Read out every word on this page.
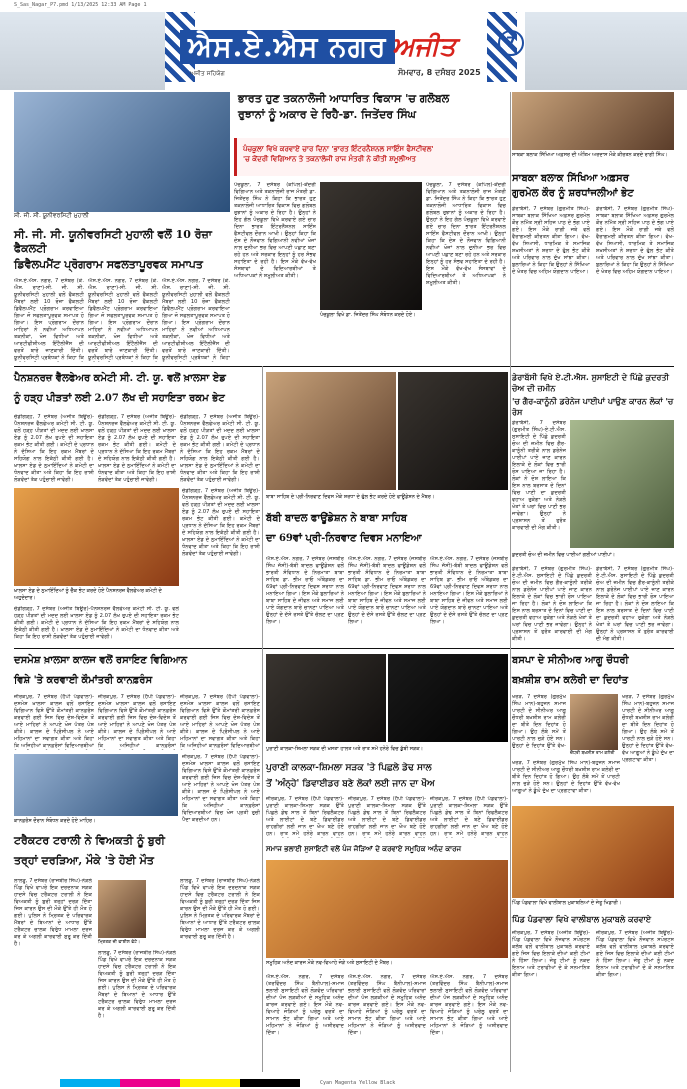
S_Sas_Nagar_P7.pmd 1/13/2025 12:33 AM Page 1
ਐਸ.ਏ.ਐਸ ਨਗਰ ਅਜੀਤ
ਅਜੀਤ ਸਹਿਯੋਗ	ਸੋਮਵਾਰ, 8 ਦਸੰਬਰ 2025
7
ਸੀ. ਜੀ. ਸੀ. ਯੂਨੀਵਰਸਿਟੀ ਮੁਹਾਲੀ
ਭਾਰਤ ਹੁਣ ਤਕਨਾਲੋਜੀ ਆਧਾਰਿਤ ਵਿਕਾਸ 'ਚ ਗਲੋਬਲ
ਰੁਝਾਨਾਂ ਨੂੰ ਅਕਾਰ ਦੇ ਰਿਹੈ-ਡਾ. ਜਿਤੇਂਦਰ ਸਿੰਘ
ਪੰਚਕੂਲਾ ਵਿਖੇ ਕਰਵਾਏ ਚਾਰ ਦਿਨਾ 'ਭਾਰਤ ਇੰਟਰਨੈਸ਼ਨਲ ਸਾਇੰਸ ਫੈਸਟੀਵਲ'
'ਚ ਕੇਂਦਰੀ ਵਿਗਿਆਨ ਤੇ ਤਕਨਾਲੋਜੀ ਰਾਜ ਮੰਤਰੀ ਨੇ ਕੀਤੀ ਸ਼ਮੂਲੀਅਤ
ਪੰਚਕੂਲਾ, 7 ਦਸੰਬਰ (ਕਪਿਲ)-ਕੇਂਦਰੀ ਵਿਗਿਆਨ ਅਤੇ ਤਕਨਾਲੋਜੀ ਰਾਜ ਮੰਤਰੀ ਡਾ. ਜਿਤੇਂਦਰ ਸਿੰਘ ਨੇ ਕਿਹਾ ਕਿ ਭਾਰਤ ਹੁਣ ਤਕਨਾਲੋਜੀ ਆਧਾਰਿਤ ਵਿਕਾਸ ਵਿਚ ਗਲੋਬਲ ਰੁਝਾਨਾਂ ਨੂੰ ਅਕਾਰ ਦੇ ਰਿਹਾ ਹੈ। ਉਨ੍ਹਾਂ ਨੇ ਇਹ ਗੱਲ ਪੰਚਕੂਲਾ ਵਿਖੇ ਕਰਵਾਏ ਗਏ ਚਾਰ ਦਿਨਾ ਭਾਰਤ ਇੰਟਰਨੈਸ਼ਨਲ ਸਾਇੰਸ ਫੈਸਟੀਵਲ ਦੌਰਾਨ ਆਖੀ। ਉਨ੍ਹਾਂ ਕਿਹਾ ਕਿ ਦੇਸ਼ ਦੇ ਨੌਜਵਾਨ ਵਿਗਿਆਨੀ ਨਵੀਆਂ ਖੋਜਾਂ ਨਾਲ ਦੁਨੀਆ ਭਰ ਵਿਚ ਆਪਣੀ ਪਛਾਣ ਬਣਾ ਰਹੇ ਹਨ ਅਤੇ ਸਰਕਾਰ ਇਨ੍ਹਾਂ ਨੂੰ ਹਰ ਸੰਭਵ ਸਹਾਇਤਾ ਦੇ ਰਹੀ ਹੈ। ਇਸ ਮੌਕੇ ਵੱਖ-ਵੱਖ ਸੰਸਥਾਵਾਂ ਦੇ ਵਿਦਿਆਰਥੀਆਂ ਤੇ ਅਧਿਆਪਕਾਂ ਨੇ ਸ਼ਮੂਲੀਅਤ ਕੀਤੀ।
ਪੰਚਕੂਲਾ ਵਿਖੇ ਡਾ. ਜਿਤੇਂਦਰ ਸਿੰਘ ਸੰਬੋਧਨ ਕਰਦੇ ਹੋਏ।
ਪੰਚਕੂਲਾ, 7 ਦਸੰਬਰ (ਕਪਿਲ)-ਕੇਂਦਰੀ ਵਿਗਿਆਨ ਅਤੇ ਤਕਨਾਲੋਜੀ ਰਾਜ ਮੰਤਰੀ ਡਾ. ਜਿਤੇਂਦਰ ਸਿੰਘ ਨੇ ਕਿਹਾ ਕਿ ਭਾਰਤ ਹੁਣ ਤਕਨਾਲੋਜੀ ਆਧਾਰਿਤ ਵਿਕਾਸ ਵਿਚ ਗਲੋਬਲ ਰੁਝਾਨਾਂ ਨੂੰ ਅਕਾਰ ਦੇ ਰਿਹਾ ਹੈ। ਉਨ੍ਹਾਂ ਨੇ ਇਹ ਗੱਲ ਪੰਚਕੂਲਾ ਵਿਖੇ ਕਰਵਾਏ ਗਏ ਚਾਰ ਦਿਨਾ ਭਾਰਤ ਇੰਟਰਨੈਸ਼ਨਲ ਸਾਇੰਸ ਫੈਸਟੀਵਲ ਦੌਰਾਨ ਆਖੀ। ਉਨ੍ਹਾਂ ਕਿਹਾ ਕਿ ਦੇਸ਼ ਦੇ ਨੌਜਵਾਨ ਵਿਗਿਆਨੀ ਨਵੀਆਂ ਖੋਜਾਂ ਨਾਲ ਦੁਨੀਆ ਭਰ ਵਿਚ ਆਪਣੀ ਪਛਾਣ ਬਣਾ ਰਹੇ ਹਨ ਅਤੇ ਸਰਕਾਰ ਇਨ੍ਹਾਂ ਨੂੰ ਹਰ ਸੰਭਵ ਸਹਾਇਤਾ ਦੇ ਰਹੀ ਹੈ। ਇਸ ਮੌਕੇ ਵੱਖ-ਵੱਖ ਸੰਸਥਾਵਾਂ ਦੇ ਵਿਦਿਆਰਥੀਆਂ ਤੇ ਅਧਿਆਪਕਾਂ ਨੇ ਸ਼ਮੂਲੀਅਤ ਕੀਤੀ।
ਸਾਬਕਾ ਬਲਾਕ ਸਿੱਖਿਆ ਅਫ਼ਸਰ ਦੀ ਅੰਤਿਮ ਅਰਦਾਸ ਮੌਕੇ ਕੀਰਤਨ ਕਰਦੇ ਰਾਗੀ ਸਿੰਘ।
ਸਾਬਕਾ ਬਲਾਕ ਸਿੱਖਿਆ ਅਫ਼ਸਰ
ਗੁਰਮੇਲ ਕੌਰ ਨੂੰ ਸ਼ਰਧਾਂਜਲੀਆਂ ਭੇਟ
ਡੇਰਾਬੱਸੀ, 7 ਦਸੰਬਰ (ਗੁਰਮੀਤ ਸਿੰਘ)-ਸਾਬਕਾ ਬਲਾਕ ਸਿੱਖਿਆ ਅਫ਼ਸਰ ਗੁਰਮੇਲ ਕੌਰ ਨਮਿੱਤ ਸ੍ਰੀ ਸਹਿਜ ਪਾਠ ਦੇ ਭੋਗ ਪਾਏ ਗਏ। ਇਸ ਮੌਕੇ ਰਾਗੀ ਜਥੇ ਵਲੋਂ ਵੈਰਾਗਮਈ ਕੀਰਤਨ ਕੀਤਾ ਗਿਆ। ਵੱਖ-ਵੱਖ ਸਿਆਸੀ, ਧਾਰਮਿਕ ਤੇ ਸਮਾਜਿਕ ਸ਼ਖ਼ਸੀਅਤਾਂ ਨੇ ਸ਼ਰਧਾ ਦੇ ਫੁੱਲ ਭੇਟ ਕੀਤੇ ਅਤੇ ਪਰਿਵਾਰ ਨਾਲ ਦੁੱਖ ਸਾਂਝਾ ਕੀਤਾ। ਬੁਲਾਰਿਆਂ ਨੇ ਕਿਹਾ ਕਿ ਉਨ੍ਹਾਂ ਨੇ ਸਿੱਖਿਆ ਦੇ ਖੇਤਰ ਵਿਚ ਅਹਿਮ ਯੋਗਦਾਨ ਪਾਇਆ।
ਡੇਰਾਬੱਸੀ, 7 ਦਸੰਬਰ (ਗੁਰਮੀਤ ਸਿੰਘ)-ਸਾਬਕਾ ਬਲਾਕ ਸਿੱਖਿਆ ਅਫ਼ਸਰ ਗੁਰਮੇਲ ਕੌਰ ਨਮਿੱਤ ਸ੍ਰੀ ਸਹਿਜ ਪਾਠ ਦੇ ਭੋਗ ਪਾਏ ਗਏ। ਇਸ ਮੌਕੇ ਰਾਗੀ ਜਥੇ ਵਲੋਂ ਵੈਰਾਗਮਈ ਕੀਰਤਨ ਕੀਤਾ ਗਿਆ। ਵੱਖ-ਵੱਖ ਸਿਆਸੀ, ਧਾਰਮਿਕ ਤੇ ਸਮਾਜਿਕ ਸ਼ਖ਼ਸੀਅਤਾਂ ਨੇ ਸ਼ਰਧਾ ਦੇ ਫੁੱਲ ਭੇਟ ਕੀਤੇ ਅਤੇ ਪਰਿਵਾਰ ਨਾਲ ਦੁੱਖ ਸਾਂਝਾ ਕੀਤਾ। ਬੁਲਾਰਿਆਂ ਨੇ ਕਿਹਾ ਕਿ ਉਨ੍ਹਾਂ ਨੇ ਸਿੱਖਿਆ ਦੇ ਖੇਤਰ ਵਿਚ ਅਹਿਮ ਯੋਗਦਾਨ ਪਾਇਆ।
ਸੀ. ਜੀ. ਸੀ. ਯੂਨੀਵਰਸਿਟੀ ਮੁਹਾਲੀ ਵਲੋਂ 10 ਰੋਜ਼ਾ ਫੈਕਲਟੀ
ਡਿਵੈਲਪਮੈਂਟ ਪ੍ਰੋਗਰਾਮ ਸਫਲਤਾਪੂਰਵਕ ਸਮਾਪਤ
ਐਸ.ਏ.ਐਸ. ਨਗਰ, 7 ਦਸੰਬਰ (ਕੇ. ਐਸ. ਰਾਣਾ)-ਸੀ. ਜੀ. ਸੀ. ਯੂਨੀਵਰਸਿਟੀ ਮੁਹਾਲੀ ਵਲੋਂ ਫੈਕਲਟੀ ਮੈਂਬਰਾਂ ਲਈ 10 ਰੋਜ਼ਾ ਫੈਕਲਟੀ ਡਿਵੈਲਪਮੈਂਟ ਪ੍ਰੋਗਰਾਮ ਕਰਵਾਇਆ ਗਿਆ ਜੋ ਸਫਲਤਾਪੂਰਵਕ ਸਮਾਪਤ ਹੋ ਗਿਆ। ਇਸ ਪ੍ਰੋਗਰਾਮ ਦੌਰਾਨ ਮਾਹਿਰਾਂ ਨੇ ਨਵੀਆਂ ਅਧਿਆਪਨ ਤਕਨੀਕਾਂ, ਖੋਜ ਵਿਧੀਆਂ ਅਤੇ ਆਰਟੀਫੀਸ਼ੀਅਲ ਇੰਟੈਲੀਜੈਂਸ ਦੀ ਵਰਤੋਂ ਬਾਰੇ ਜਾਣਕਾਰੀ ਦਿੱਤੀ। ਯੂਨੀਵਰਸਿਟੀ ਪ੍ਰਬੰਧਕਾਂ ਨੇ ਕਿਹਾ ਕਿ
ਐਸ.ਏ.ਐਸ. ਨਗਰ, 7 ਦਸੰਬਰ (ਕੇ. ਐਸ. ਰਾਣਾ)-ਸੀ. ਜੀ. ਸੀ. ਯੂਨੀਵਰਸਿਟੀ ਮੁਹਾਲੀ ਵਲੋਂ ਫੈਕਲਟੀ ਮੈਂਬਰਾਂ ਲਈ 10 ਰੋਜ਼ਾ ਫੈਕਲਟੀ ਡਿਵੈਲਪਮੈਂਟ ਪ੍ਰੋਗਰਾਮ ਕਰਵਾਇਆ ਗਿਆ ਜੋ ਸਫਲਤਾਪੂਰਵਕ ਸਮਾਪਤ ਹੋ ਗਿਆ। ਇਸ ਪ੍ਰੋਗਰਾਮ ਦੌਰਾਨ ਮਾਹਿਰਾਂ ਨੇ ਨਵੀਆਂ ਅਧਿਆਪਨ ਤਕਨੀਕਾਂ, ਖੋਜ ਵਿਧੀਆਂ ਅਤੇ ਆਰਟੀਫੀਸ਼ੀਅਲ ਇੰਟੈਲੀਜੈਂਸ ਦੀ ਵਰਤੋਂ ਬਾਰੇ ਜਾਣਕਾਰੀ ਦਿੱਤੀ। ਯੂਨੀਵਰਸਿਟੀ ਪ੍ਰਬੰਧਕਾਂ ਨੇ ਕਿਹਾ ਕਿ
ਐਸ.ਏ.ਐਸ. ਨਗਰ, 7 ਦਸੰਬਰ (ਕੇ. ਐਸ. ਰਾਣਾ)-ਸੀ. ਜੀ. ਸੀ. ਯੂਨੀਵਰਸਿਟੀ ਮੁਹਾਲੀ ਵਲੋਂ ਫੈਕਲਟੀ ਮੈਂਬਰਾਂ ਲਈ 10 ਰੋਜ਼ਾ ਫੈਕਲਟੀ ਡਿਵੈਲਪਮੈਂਟ ਪ੍ਰੋਗਰਾਮ ਕਰਵਾਇਆ ਗਿਆ ਜੋ ਸਫਲਤਾਪੂਰਵਕ ਸਮਾਪਤ ਹੋ ਗਿਆ। ਇਸ ਪ੍ਰੋਗਰਾਮ ਦੌਰਾਨ ਮਾਹਿਰਾਂ ਨੇ ਨਵੀਆਂ ਅਧਿਆਪਨ ਤਕਨੀਕਾਂ, ਖੋਜ ਵਿਧੀਆਂ ਅਤੇ ਆਰਟੀਫੀਸ਼ੀਅਲ ਇੰਟੈਲੀਜੈਂਸ ਦੀ ਵਰਤੋਂ ਬਾਰੇ ਜਾਣਕਾਰੀ ਦਿੱਤੀ। ਯੂਨੀਵਰਸਿਟੀ ਪ੍ਰਬੰਧਕਾਂ ਨੇ ਕਿਹਾ
ਪੈਨਸ਼ਨਰਜ਼ ਵੈੱਲਫੇਅਰ ਕਮੇਟੀ ਸੀ. ਟੀ. ਯੂ. ਵਲੋਂ ਖ਼ਾਲਸਾ ਏਡ
ਨੂੰ ਹੜ੍ਹ ਪੀੜਤਾਂ ਲਈ 2.07 ਲੱਖ ਦੀ ਸਹਾਇਤਾ ਰਕਮ ਭੇਟ
ਚੰਡੀਗੜ੍ਹ, 7 ਦਸੰਬਰ (ਅਜੀਤ ਬਿਊਰੋ)-ਪੈਨਸ਼ਨਰਜ਼ ਵੈੱਲਫੇਅਰ ਕਮੇਟੀ ਸੀ. ਟੀ. ਯੂ. ਵਲੋਂ ਹੜ੍ਹ ਪੀੜਤਾਂ ਦੀ ਮਦਦ ਲਈ ਖ਼ਾਲਸਾ ਏਡ ਨੂੰ 2.07 ਲੱਖ ਰੁਪਏ ਦੀ ਸਹਾਇਤਾ ਰਕਮ ਭੇਟ ਕੀਤੀ ਗਈ। ਕਮੇਟੀ ਦੇ ਪ੍ਰਧਾਨ ਨੇ ਦੱਸਿਆ ਕਿ ਇਹ ਰਕਮ ਮੈਂਬਰਾਂ ਦੇ ਸਹਿਯੋਗ ਨਾਲ ਇਕੱਠੀ ਕੀਤੀ ਗਈ ਹੈ। ਖ਼ਾਲਸਾ ਏਡ ਦੇ ਨੁਮਾਇੰਦਿਆਂ ਨੇ ਕਮੇਟੀ ਦਾ ਧੰਨਵਾਦ ਕੀਤਾ ਅਤੇ ਕਿਹਾ ਕਿ ਇਹ ਰਾਸ਼ੀ ਲੋੜਵੰਦਾਂ ਤੱਕ ਪਹੁੰਚਾਈ ਜਾਵੇਗੀ।
ਚੰਡੀਗੜ੍ਹ, 7 ਦਸੰਬਰ (ਅਜੀਤ ਬਿਊਰੋ)-ਪੈਨਸ਼ਨਰਜ਼ ਵੈੱਲਫੇਅਰ ਕਮੇਟੀ ਸੀ. ਟੀ. ਯੂ. ਵਲੋਂ ਹੜ੍ਹ ਪੀੜਤਾਂ ਦੀ ਮਦਦ ਲਈ ਖ਼ਾਲਸਾ ਏਡ ਨੂੰ 2.07 ਲੱਖ ਰੁਪਏ ਦੀ ਸਹਾਇਤਾ ਰਕਮ ਭੇਟ ਕੀਤੀ ਗਈ। ਕਮੇਟੀ ਦੇ ਪ੍ਰਧਾਨ ਨੇ ਦੱਸਿਆ ਕਿ ਇਹ ਰਕਮ ਮੈਂਬਰਾਂ ਦੇ ਸਹਿਯੋਗ ਨਾਲ ਇਕੱਠੀ ਕੀਤੀ ਗਈ ਹੈ। ਖ਼ਾਲਸਾ ਏਡ ਦੇ ਨੁਮਾਇੰਦਿਆਂ ਨੇ ਕਮੇਟੀ ਦਾ ਧੰਨਵਾਦ ਕੀਤਾ ਅਤੇ ਕਿਹਾ ਕਿ ਇਹ ਰਾਸ਼ੀ ਲੋੜਵੰਦਾਂ ਤੱਕ ਪਹੁੰਚਾਈ ਜਾਵੇਗੀ।
ਚੰਡੀਗੜ੍ਹ, 7 ਦਸੰਬਰ (ਅਜੀਤ ਬਿਊਰੋ)-ਪੈਨਸ਼ਨਰਜ਼ ਵੈੱਲਫੇਅਰ ਕਮੇਟੀ ਸੀ. ਟੀ. ਯੂ. ਵਲੋਂ ਹੜ੍ਹ ਪੀੜਤਾਂ ਦੀ ਮਦਦ ਲਈ ਖ਼ਾਲਸਾ ਏਡ ਨੂੰ 2.07 ਲੱਖ ਰੁਪਏ ਦੀ ਸਹਾਇਤਾ ਰਕਮ ਭੇਟ ਕੀਤੀ ਗਈ। ਕਮੇਟੀ ਦੇ ਪ੍ਰਧਾਨ ਨੇ ਦੱਸਿਆ ਕਿ ਇਹ ਰਕਮ ਮੈਂਬਰਾਂ ਦੇ ਸਹਿਯੋਗ ਨਾਲ ਇਕੱਠੀ ਕੀਤੀ ਗਈ ਹੈ। ਖ਼ਾਲਸਾ ਏਡ ਦੇ ਨੁਮਾਇੰਦਿਆਂ ਨੇ ਕਮੇਟੀ ਦਾ ਧੰਨਵਾਦ ਕੀਤਾ ਅਤੇ ਕਿਹਾ ਕਿ ਇਹ ਰਾਸ਼ੀ ਲੋੜਵੰਦਾਂ ਤੱਕ ਪਹੁੰਚਾਈ ਜਾਵੇਗੀ।
ਖ਼ਾਲਸਾ ਏਡ ਦੇ ਨੁਮਾਇੰਦਿਆਂ ਨੂੰ ਚੈੱਕ ਭੇਟ ਕਰਦੇ ਹੋਏ ਪੈਨਸ਼ਨਰਜ਼ ਵੈੱਲਫੇਅਰ ਕਮੇਟੀ ਦੇ ਅਹੁਦੇਦਾਰ।
ਚੰਡੀਗੜ੍ਹ, 7 ਦਸੰਬਰ (ਅਜੀਤ ਬਿਊਰੋ)-ਪੈਨਸ਼ਨਰਜ਼ ਵੈੱਲਫੇਅਰ ਕਮੇਟੀ ਸੀ. ਟੀ. ਯੂ. ਵਲੋਂ ਹੜ੍ਹ ਪੀੜਤਾਂ ਦੀ ਮਦਦ ਲਈ ਖ਼ਾਲਸਾ ਏਡ ਨੂੰ 2.07 ਲੱਖ ਰੁਪਏ ਦੀ ਸਹਾਇਤਾ ਰਕਮ ਭੇਟ ਕੀਤੀ ਗਈ। ਕਮੇਟੀ ਦੇ ਪ੍ਰਧਾਨ ਨੇ ਦੱਸਿਆ ਕਿ ਇਹ ਰਕਮ ਮੈਂਬਰਾਂ ਦੇ ਸਹਿਯੋਗ ਨਾਲ ਇਕੱਠੀ ਕੀਤੀ ਗਈ ਹੈ। ਖ਼ਾਲਸਾ ਏਡ ਦੇ ਨੁਮਾਇੰਦਿਆਂ ਨੇ ਕਮੇਟੀ ਦਾ ਧੰਨਵਾਦ ਕੀਤਾ ਅਤੇ ਕਿਹਾ ਕਿ ਇਹ ਰਾਸ਼ੀ ਲੋੜਵੰਦਾਂ ਤੱਕ ਪਹੁੰਚਾਈ ਜਾਵੇਗੀ।
ਚੰਡੀਗੜ੍ਹ, 7 ਦਸੰਬਰ (ਅਜੀਤ ਬਿਊਰੋ)-ਪੈਨਸ਼ਨਰਜ਼ ਵੈੱਲਫੇਅਰ ਕਮੇਟੀ ਸੀ. ਟੀ. ਯੂ. ਵਲੋਂ ਹੜ੍ਹ ਪੀੜਤਾਂ ਦੀ ਮਦਦ ਲਈ ਖ਼ਾਲਸਾ ਏਡ ਨੂੰ 2.07 ਲੱਖ ਰੁਪਏ ਦੀ ਸਹਾਇਤਾ ਰਕਮ ਭੇਟ ਕੀਤੀ ਗਈ। ਕਮੇਟੀ ਦੇ ਪ੍ਰਧਾਨ ਨੇ ਦੱਸਿਆ ਕਿ ਇਹ ਰਕਮ ਮੈਂਬਰਾਂ ਦੇ ਸਹਿਯੋਗ ਨਾਲ ਇਕੱਠੀ ਕੀਤੀ ਗਈ ਹੈ। ਖ਼ਾਲਸਾ ਏਡ ਦੇ ਨੁਮਾਇੰਦਿਆਂ ਨੇ ਕਮੇਟੀ ਦਾ ਧੰਨਵਾਦ ਕੀਤਾ ਅਤੇ ਕਿਹਾ ਕਿ ਇਹ ਰਾਸ਼ੀ ਲੋੜਵੰਦਾਂ ਤੱਕ ਪਹੁੰਚਾਈ ਜਾਵੇਗੀ।
ਬਾਬਾ ਸਾਹਿਬ ਦੇ ਪ੍ਰੀ-ਨਿਰਵਾਣ ਦਿਵਸ ਮੌਕੇ ਸ਼ਰਧਾ ਦੇ ਫੁੱਲ ਭੇਟ ਕਰਦੇ ਹੋਏ ਫਾਊਂਡੇਸ਼ਨ ਦੇ ਮੈਂਬਰ।
ਬੱਬੀ ਬਾਦਲ ਫਾਊਂਡੇਸ਼ਨ ਨੇ ਬਾਬਾ ਸਾਹਿਬ
ਦਾ 69ਵਾਂ ਪ੍ਰੀ-ਨਿਰਵਾਣ ਦਿਵਸ ਮਨਾਇਆ
ਐਸ.ਏ.ਐਸ. ਨਗਰ, 7 ਦਸੰਬਰ (ਜਸਬੀਰ ਸਿੰਘ ਜੱਸੀ)-ਬੱਬੀ ਬਾਦਲ ਫਾਊਂਡੇਸ਼ਨ ਵਲੋਂ ਭਾਰਤੀ ਸੰਵਿਧਾਨ ਦੇ ਨਿਰਮਾਤਾ ਬਾਬਾ ਸਾਹਿਬ ਡਾ. ਭੀਮ ਰਾਓ ਅੰਬੇਡਕਰ ਦਾ 69ਵਾਂ ਪ੍ਰੀ-ਨਿਰਵਾਣ ਦਿਵਸ ਸ਼ਰਧਾ ਨਾਲ ਮਨਾਇਆ ਗਿਆ। ਇਸ ਮੌਕੇ ਬੁਲਾਰਿਆਂ ਨੇ ਬਾਬਾ ਸਾਹਿਬ ਦੇ ਜੀਵਨ ਅਤੇ ਸਮਾਜ ਲਈ ਪਾਏ ਯੋਗਦਾਨ ਬਾਰੇ ਚਾਨਣਾ ਪਾਇਆ ਅਤੇ ਉਨ੍ਹਾਂ ਦੇ ਦੱਸੇ ਰਸਤੇ ਉੱਤੇ ਚੱਲਣ ਦਾ ਪ੍ਰਣ ਲਿਆ।
ਐਸ.ਏ.ਐਸ. ਨਗਰ, 7 ਦਸੰਬਰ (ਜਸਬੀਰ ਸਿੰਘ ਜੱਸੀ)-ਬੱਬੀ ਬਾਦਲ ਫਾਊਂਡੇਸ਼ਨ ਵਲੋਂ ਭਾਰਤੀ ਸੰਵਿਧਾਨ ਦੇ ਨਿਰਮਾਤਾ ਬਾਬਾ ਸਾਹਿਬ ਡਾ. ਭੀਮ ਰਾਓ ਅੰਬੇਡਕਰ ਦਾ 69ਵਾਂ ਪ੍ਰੀ-ਨਿਰਵਾਣ ਦਿਵਸ ਸ਼ਰਧਾ ਨਾਲ ਮਨਾਇਆ ਗਿਆ। ਇਸ ਮੌਕੇ ਬੁਲਾਰਿਆਂ ਨੇ ਬਾਬਾ ਸਾਹਿਬ ਦੇ ਜੀਵਨ ਅਤੇ ਸਮਾਜ ਲਈ ਪਾਏ ਯੋਗਦਾਨ ਬਾਰੇ ਚਾਨਣਾ ਪਾਇਆ ਅਤੇ ਉਨ੍ਹਾਂ ਦੇ ਦੱਸੇ ਰਸਤੇ ਉੱਤੇ ਚੱਲਣ ਦਾ ਪ੍ਰਣ ਲਿਆ।
ਐਸ.ਏ.ਐਸ. ਨਗਰ, 7 ਦਸੰਬਰ (ਜਸਬੀਰ ਸਿੰਘ ਜੱਸੀ)-ਬੱਬੀ ਬਾਦਲ ਫਾਊਂਡੇਸ਼ਨ ਵਲੋਂ ਭਾਰਤੀ ਸੰਵਿਧਾਨ ਦੇ ਨਿਰਮਾਤਾ ਬਾਬਾ ਸਾਹਿਬ ਡਾ. ਭੀਮ ਰਾਓ ਅੰਬੇਡਕਰ ਦਾ 69ਵਾਂ ਪ੍ਰੀ-ਨਿਰਵਾਣ ਦਿਵਸ ਸ਼ਰਧਾ ਨਾਲ ਮਨਾਇਆ ਗਿਆ। ਇਸ ਮੌਕੇ ਬੁਲਾਰਿਆਂ ਨੇ ਬਾਬਾ ਸਾਹਿਬ ਦੇ ਜੀਵਨ ਅਤੇ ਸਮਾਜ ਲਈ ਪਾਏ ਯੋਗਦਾਨ ਬਾਰੇ ਚਾਨਣਾ ਪਾਇਆ ਅਤੇ ਉਨ੍ਹਾਂ ਦੇ ਦੱਸੇ ਰਸਤੇ ਉੱਤੇ ਚੱਲਣ ਦਾ ਪ੍ਰਣ ਲਿਆ।
ਡੇਰਾਬੱਸੀ ਵਿਖੇ ਏ.ਟੀ.ਐਸ. ਸੁਸਾਇਟੀ ਦੇ ਪਿੱਛੇ ਕੁਦਰਤੀ ਚੋਅ ਦੀ ਜ਼ਮੀਨ
'ਚ ਗੈਰ-ਕਾਨੂੰਨੀ ਡਰੇਨੇਜ ਪਾਈਪਾਂ ਪਾਉਣ ਕਾਰਨ ਲੋਕਾਂ 'ਚ ਰੋਸ
ਡੇਰਾਬੱਸੀ, 7 ਦਸੰਬਰ (ਗੁਰਮੀਤ ਸਿੰਘ)-ਏ.ਟੀ.ਐਸ. ਸੁਸਾਇਟੀ ਦੇ ਪਿੱਛੇ ਕੁਦਰਤੀ ਚੋਅ ਦੀ ਜ਼ਮੀਨ ਵਿਚ ਗੈਰ-ਕਾਨੂੰਨੀ ਤਰੀਕੇ ਨਾਲ ਡਰੇਨੇਜ ਪਾਈਪਾਂ ਪਾਏ ਜਾਣ ਕਾਰਨ ਇਲਾਕੇ ਦੇ ਲੋਕਾਂ ਵਿਚ ਭਾਰੀ ਰੋਸ ਪਾਇਆ ਜਾ ਰਿਹਾ ਹੈ। ਲੋਕਾਂ ਨੇ ਦੋਸ਼ ਲਾਇਆ ਕਿ ਇਸ ਨਾਲ ਬਰਸਾਤ ਦੇ ਦਿਨਾਂ ਵਿਚ ਪਾਣੀ ਦਾ ਕੁਦਰਤੀ ਵਹਾਅ ਰੁਕੇਗਾ ਅਤੇ ਨੇੜਲੇ ਖੇਤਾਂ ਤੇ ਘਰਾਂ ਵਿਚ ਪਾਣੀ ਭਰ ਜਾਵੇਗਾ। ਉਨ੍ਹਾਂ ਨੇ ਪ੍ਰਸ਼ਾਸਨ ਤੋਂ ਤੁਰੰਤ ਕਾਰਵਾਈ ਦੀ ਮੰਗ ਕੀਤੀ।
ਕੁਦਰਤੀ ਚੋਅ ਦੀ ਜ਼ਮੀਨ ਵਿਚ ਪਾਈਆਂ ਗਈਆਂ ਪਾਈਪਾਂ।
ਡੇਰਾਬੱਸੀ, 7 ਦਸੰਬਰ (ਗੁਰਮੀਤ ਸਿੰਘ)-ਏ.ਟੀ.ਐਸ. ਸੁਸਾਇਟੀ ਦੇ ਪਿੱਛੇ ਕੁਦਰਤੀ ਚੋਅ ਦੀ ਜ਼ਮੀਨ ਵਿਚ ਗੈਰ-ਕਾਨੂੰਨੀ ਤਰੀਕੇ ਨਾਲ ਡਰੇਨੇਜ ਪਾਈਪਾਂ ਪਾਏ ਜਾਣ ਕਾਰਨ ਇਲਾਕੇ ਦੇ ਲੋਕਾਂ ਵਿਚ ਭਾਰੀ ਰੋਸ ਪਾਇਆ ਜਾ ਰਿਹਾ ਹੈ। ਲੋਕਾਂ ਨੇ ਦੋਸ਼ ਲਾਇਆ ਕਿ ਇਸ ਨਾਲ ਬਰਸਾਤ ਦੇ ਦਿਨਾਂ ਵਿਚ ਪਾਣੀ ਦਾ ਕੁਦਰਤੀ ਵਹਾਅ ਰੁਕੇਗਾ ਅਤੇ ਨੇੜਲੇ ਖੇਤਾਂ ਤੇ ਘਰਾਂ ਵਿਚ ਪਾਣੀ ਭਰ ਜਾਵੇਗਾ। ਉਨ੍ਹਾਂ ਨੇ ਪ੍ਰਸ਼ਾਸਨ ਤੋਂ ਤੁਰੰਤ ਕਾਰਵਾਈ ਦੀ ਮੰਗ ਕੀਤੀ।
ਡੇਰਾਬੱਸੀ, 7 ਦਸੰਬਰ (ਗੁਰਮੀਤ ਸਿੰਘ)-ਏ.ਟੀ.ਐਸ. ਸੁਸਾਇਟੀ ਦੇ ਪਿੱਛੇ ਕੁਦਰਤੀ ਚੋਅ ਦੀ ਜ਼ਮੀਨ ਵਿਚ ਗੈਰ-ਕਾਨੂੰਨੀ ਤਰੀਕੇ ਨਾਲ ਡਰੇਨੇਜ ਪਾਈਪਾਂ ਪਾਏ ਜਾਣ ਕਾਰਨ ਇਲਾਕੇ ਦੇ ਲੋਕਾਂ ਵਿਚ ਭਾਰੀ ਰੋਸ ਪਾਇਆ ਜਾ ਰਿਹਾ ਹੈ। ਲੋਕਾਂ ਨੇ ਦੋਸ਼ ਲਾਇਆ ਕਿ ਇਸ ਨਾਲ ਬਰਸਾਤ ਦੇ ਦਿਨਾਂ ਵਿਚ ਪਾਣੀ ਦਾ ਕੁਦਰਤੀ ਵਹਾਅ ਰੁਕੇਗਾ ਅਤੇ ਨੇੜਲੇ ਖੇਤਾਂ ਤੇ ਘਰਾਂ ਵਿਚ ਪਾਣੀ ਭਰ ਜਾਵੇਗਾ। ਉਨ੍ਹਾਂ ਨੇ ਪ੍ਰਸ਼ਾਸਨ ਤੋਂ ਤੁਰੰਤ ਕਾਰਵਾਈ ਦੀ ਮੰਗ ਕੀਤੀ।
ਦਸਮੇਸ਼ ਖ਼ਾਲਸਾ ਕਾਲਜ ਵਲੋਂ ਰਸਾਇਣ ਵਿਗਿਆਨ
ਵਿਸ਼ੇ 'ਤੇ ਕਰਵਾਈ ਕੌਮਾਂਤਰੀ ਕਾਨਫ਼ਰੰਸ
ਜ਼ੀਰਕਪੁਰ, 7 ਦਸੰਬਰ (ਹੈਪੀ ਪੰਡਵਾਲਾ)-ਦਸਮੇਸ਼ ਖ਼ਾਲਸਾ ਕਾਲਜ ਵਲੋਂ ਰਸਾਇਣ ਵਿਗਿਆਨ ਵਿਸ਼ੇ ਉੱਤੇ ਕੌਮਾਂਤਰੀ ਕਾਨਫ਼ਰੰਸ ਕਰਵਾਈ ਗਈ ਜਿਸ ਵਿਚ ਦੇਸ਼-ਵਿਦੇਸ਼ ਤੋਂ ਆਏ ਮਾਹਿਰਾਂ ਨੇ ਆਪਣੇ ਖੋਜ ਪੱਤਰ ਪੇਸ਼ ਕੀਤੇ। ਕਾਲਜ ਦੇ ਪ੍ਰਿੰਸੀਪਲ ਨੇ ਆਏ ਮਹਿਮਾਨਾਂ ਦਾ ਸਵਾਗਤ ਕੀਤਾ ਅਤੇ ਕਿਹਾ ਕਿ ਅਜਿਹੀਆਂ ਕਾਨਫ਼ਰੰਸਾਂ ਵਿਦਿਆਰਥੀਆਂ
ਜ਼ੀਰਕਪੁਰ, 7 ਦਸੰਬਰ (ਹੈਪੀ ਪੰਡਵਾਲਾ)-ਦਸਮੇਸ਼ ਖ਼ਾਲਸਾ ਕਾਲਜ ਵਲੋਂ ਰਸਾਇਣ ਵਿਗਿਆਨ ਵਿਸ਼ੇ ਉੱਤੇ ਕੌਮਾਂਤਰੀ ਕਾਨਫ਼ਰੰਸ ਕਰਵਾਈ ਗਈ ਜਿਸ ਵਿਚ ਦੇਸ਼-ਵਿਦੇਸ਼ ਤੋਂ ਆਏ ਮਾਹਿਰਾਂ ਨੇ ਆਪਣੇ ਖੋਜ ਪੱਤਰ ਪੇਸ਼ ਕੀਤੇ। ਕਾਲਜ ਦੇ ਪ੍ਰਿੰਸੀਪਲ ਨੇ ਆਏ ਮਹਿਮਾਨਾਂ ਦਾ ਸਵਾਗਤ ਕੀਤਾ ਅਤੇ ਕਿਹਾ ਕਿ ਅਜਿਹੀਆਂ ਕਾਨਫ਼ਰੰਸਾਂ
ਜ਼ੀਰਕਪੁਰ, 7 ਦਸੰਬਰ (ਹੈਪੀ ਪੰਡਵਾਲਾ)-ਦਸਮੇਸ਼ ਖ਼ਾਲਸਾ ਕਾਲਜ ਵਲੋਂ ਰਸਾਇਣ ਵਿਗਿਆਨ ਵਿਸ਼ੇ ਉੱਤੇ ਕੌਮਾਂਤਰੀ ਕਾਨਫ਼ਰੰਸ ਕਰਵਾਈ ਗਈ ਜਿਸ ਵਿਚ ਦੇਸ਼-ਵਿਦੇਸ਼ ਤੋਂ ਆਏ ਮਾਹਿਰਾਂ ਨੇ ਆਪਣੇ ਖੋਜ ਪੱਤਰ ਪੇਸ਼ ਕੀਤੇ। ਕਾਲਜ ਦੇ ਪ੍ਰਿੰਸੀਪਲ ਨੇ ਆਏ ਮਹਿਮਾਨਾਂ ਦਾ ਸਵਾਗਤ ਕੀਤਾ ਅਤੇ ਕਿਹਾ ਕਿ ਅਜਿਹੀਆਂ ਕਾਨਫ਼ਰੰਸਾਂ ਵਿਦਿਆਰਥੀਆਂ
ਕਾਨਫ਼ਰੰਸ ਦੌਰਾਨ ਸੰਬੋਧਨ ਕਰਦੇ ਹੋਏ ਮਾਹਿਰ।
ਜ਼ੀਰਕਪੁਰ, 7 ਦਸੰਬਰ (ਹੈਪੀ ਪੰਡਵਾਲਾ)-ਦਸਮੇਸ਼ ਖ਼ਾਲਸਾ ਕਾਲਜ ਵਲੋਂ ਰਸਾਇਣ ਵਿਗਿਆਨ ਵਿਸ਼ੇ ਉੱਤੇ ਕੌਮਾਂਤਰੀ ਕਾਨਫ਼ਰੰਸ ਕਰਵਾਈ ਗਈ ਜਿਸ ਵਿਚ ਦੇਸ਼-ਵਿਦੇਸ਼ ਤੋਂ ਆਏ ਮਾਹਿਰਾਂ ਨੇ ਆਪਣੇ ਖੋਜ ਪੱਤਰ ਪੇਸ਼ ਕੀਤੇ। ਕਾਲਜ ਦੇ ਪ੍ਰਿੰਸੀਪਲ ਨੇ ਆਏ ਮਹਿਮਾਨਾਂ ਦਾ ਸਵਾਗਤ ਕੀਤਾ ਅਤੇ ਕਿਹਾ ਕਿ ਅਜਿਹੀਆਂ ਕਾਨਫ਼ਰੰਸਾਂ ਵਿਦਿਆਰਥੀਆਂ ਵਿਚ ਖੋਜ ਪ੍ਰਤੀ ਰੁਚੀ ਪੈਦਾ ਕਰਦੀਆਂ ਹਨ।
ਪੁਰਾਣੀ ਕਾਲਕਾ-ਸ਼ਿਮਲਾ ਸੜਕ ਦੀ ਖ਼ਸਤਾ ਹਾਲਤ ਅਤੇ ਰਾਤ ਸਮੇਂ ਹਨੇਰੇ ਵਿਚ ਡੁੱਬੀ ਸੜਕ।
ਪੁਰਾਣੀ ਕਾਲਕਾ-ਸ਼ਿਮਲਾ ਸੜਕ 'ਤੇ ਪਿਛਲੇ ਡੇਢ ਸਾਲ
ਤੋਂ 'ਅੰਨ੍ਹੇ' ਡਿਵਾਈਡਰ ਬਣੇ ਲੋਕਾਂ ਲਈ ਜਾਨ ਦਾ ਖੌਅ
ਜ਼ੀਰਕਪੁਰ, 7 ਦਸੰਬਰ (ਹੈਪੀ ਪੰਡਵਾਲਾ)-ਪੁਰਾਣੀ ਕਾਲਕਾ-ਸ਼ਿਮਲਾ ਸੜਕ ਉੱਤੇ ਪਿਛਲੇ ਡੇਢ ਸਾਲ ਤੋਂ ਬਿਨਾਂ ਰਿਫਲੈਕਟਰ ਅਤੇ ਲਾਈਟਾਂ ਦੇ ਬਣੇ ਡਿਵਾਈਡਰ ਰਾਹਗੀਰਾਂ ਲਈ ਜਾਨ ਦਾ ਖੌਅ ਬਣੇ ਹੋਏ ਹਨ। ਰਾਤ ਸਮੇਂ ਹਨੇਰੇ ਕਾਰਨ ਵਾਹਨ
ਜ਼ੀਰਕਪੁਰ, 7 ਦਸੰਬਰ (ਹੈਪੀ ਪੰਡਵਾਲਾ)-ਪੁਰਾਣੀ ਕਾਲਕਾ-ਸ਼ਿਮਲਾ ਸੜਕ ਉੱਤੇ ਪਿਛਲੇ ਡੇਢ ਸਾਲ ਤੋਂ ਬਿਨਾਂ ਰਿਫਲੈਕਟਰ ਅਤੇ ਲਾਈਟਾਂ ਦੇ ਬਣੇ ਡਿਵਾਈਡਰ ਰਾਹਗੀਰਾਂ ਲਈ ਜਾਨ ਦਾ ਖੌਅ ਬਣੇ ਹੋਏ ਹਨ। ਰਾਤ ਸਮੇਂ ਹਨੇਰੇ ਕਾਰਨ ਵਾਹਨ
ਜ਼ੀਰਕਪੁਰ, 7 ਦਸੰਬਰ (ਹੈਪੀ ਪੰਡਵਾਲਾ)-ਪੁਰਾਣੀ ਕਾਲਕਾ-ਸ਼ਿਮਲਾ ਸੜਕ ਉੱਤੇ ਪਿਛਲੇ ਡੇਢ ਸਾਲ ਤੋਂ ਬਿਨਾਂ ਰਿਫਲੈਕਟਰ ਅਤੇ ਲਾਈਟਾਂ ਦੇ ਬਣੇ ਡਿਵਾਈਡਰ ਰਾਹਗੀਰਾਂ ਲਈ ਜਾਨ ਦਾ ਖੌਅ ਬਣੇ ਹੋਏ ਹਨ। ਰਾਤ ਸਮੇਂ ਹਨੇਰੇ ਕਾਰਨ ਵਾਹਨ
ਬਸਪਾ ਦੇ ਸੀਨੀਅਰ ਆਗੂ ਚੌਧਰੀ
ਬਖ਼ਸ਼ੀਸ਼ ਰਾਮ ਕਲੇਰੀ ਦਾ ਦਿਹਾਂਤ
ਖਰੜ, 7 ਦਸੰਬਰ (ਗੁਰਮੁੱਖ ਸਿੰਘ ਮਾਨ)-ਬਹੁਜਨ ਸਮਾਜ ਪਾਰਟੀ ਦੇ ਸੀਨੀਅਰ ਆਗੂ ਚੌਧਰੀ ਬਖ਼ਸ਼ੀਸ਼ ਰਾਮ ਕਲੇਰੀ ਦਾ ਬੀਤੇ ਦਿਨ ਦਿਹਾਂਤ ਹੋ ਗਿਆ। ਉਹ ਲੰਬੇ ਸਮੇਂ ਤੋਂ ਪਾਰਟੀ ਨਾਲ ਜੁੜੇ ਹੋਏ ਸਨ। ਉਨ੍ਹਾਂ ਦੇ ਦਿਹਾਂਤ ਉੱਤੇ ਵੱਖ-
ਚੌਧਰੀ ਬਖ਼ਸ਼ੀਸ਼ ਰਾਮ ਕਲੇਰੀ
ਖਰੜ, 7 ਦਸੰਬਰ (ਗੁਰਮੁੱਖ ਸਿੰਘ ਮਾਨ)-ਬਹੁਜਨ ਸਮਾਜ ਪਾਰਟੀ ਦੇ ਸੀਨੀਅਰ ਆਗੂ ਚੌਧਰੀ ਬਖ਼ਸ਼ੀਸ਼ ਰਾਮ ਕਲੇਰੀ ਦਾ ਬੀਤੇ ਦਿਨ ਦਿਹਾਂਤ ਹੋ ਗਿਆ। ਉਹ ਲੰਬੇ ਸਮੇਂ ਤੋਂ ਪਾਰਟੀ ਨਾਲ ਜੁੜੇ ਹੋਏ ਸਨ। ਉਨ੍ਹਾਂ ਦੇ ਦਿਹਾਂਤ ਉੱਤੇ ਵੱਖ-ਵੱਖ ਆਗੂਆਂ ਨੇ ਡੂੰਘੇ ਦੁੱਖ ਦਾ ਪ੍ਰਗਟਾਵਾ ਕੀਤਾ।
ਖਰੜ, 7 ਦਸੰਬਰ (ਗੁਰਮੁੱਖ ਸਿੰਘ ਮਾਨ)-ਬਹੁਜਨ ਸਮਾਜ ਪਾਰਟੀ ਦੇ ਸੀਨੀਅਰ ਆਗੂ ਚੌਧਰੀ ਬਖ਼ਸ਼ੀਸ਼ ਰਾਮ ਕਲੇਰੀ ਦਾ ਬੀਤੇ ਦਿਨ ਦਿਹਾਂਤ ਹੋ ਗਿਆ। ਉਹ ਲੰਬੇ ਸਮੇਂ ਤੋਂ ਪਾਰਟੀ ਨਾਲ ਜੁੜੇ ਹੋਏ ਸਨ। ਉਨ੍ਹਾਂ ਦੇ ਦਿਹਾਂਤ ਉੱਤੇ ਵੱਖ-ਵੱਖ ਆਗੂਆਂ ਨੇ ਡੂੰਘੇ ਦੁੱਖ ਦਾ ਪ੍ਰਗਟਾਵਾ ਕੀਤਾ।
ਪਿੰਡ ਪੰਡਵਾਲਾ ਵਿਖੇ ਵਾਲੀਬਾਲ ਮੁਕਾਬਲਿਆਂ ਦੇ ਜੇਤੂ ਖਿਡਾਰੀ।
ਪਿੰਡ ਪੰਡਵਾਲਾ ਵਿਖੇ ਵਾਲੀਬਾਲ ਮੁਕਾਬਲੇ ਕਰਵਾਏ
ਜ਼ੀਰਕਪੁਰ, 7 ਦਸੰਬਰ (ਅਜੀਤ ਬਿਊਰੋ)-ਪਿੰਡ ਪੰਡਵਾਲਾ ਵਿਖੇ ਨੌਜਵਾਨ ਸਪੋਰਟਸ ਕਲੱਬ ਵਲੋਂ ਵਾਲੀਬਾਲ ਮੁਕਾਬਲੇ ਕਰਵਾਏ ਗਏ ਜਿਸ ਵਿਚ ਇਲਾਕੇ ਦੀਆਂ ਕਈ ਟੀਮਾਂ ਨੇ ਹਿੱਸਾ ਲਿਆ। ਜੇਤੂ ਟੀਮਾਂ ਨੂੰ ਨਕਦ ਇਨਾਮ ਅਤੇ ਟਰਾਫੀਆਂ ਦੇ ਕੇ ਸਨਮਾਨਿਤ ਕੀਤਾ ਗਿਆ।
ਜ਼ੀਰਕਪੁਰ, 7 ਦਸੰਬਰ (ਅਜੀਤ ਬਿਊਰੋ)-ਪਿੰਡ ਪੰਡਵਾਲਾ ਵਿਖੇ ਨੌਜਵਾਨ ਸਪੋਰਟਸ ਕਲੱਬ ਵਲੋਂ ਵਾਲੀਬਾਲ ਮੁਕਾਬਲੇ ਕਰਵਾਏ ਗਏ ਜਿਸ ਵਿਚ ਇਲਾਕੇ ਦੀਆਂ ਕਈ ਟੀਮਾਂ ਨੇ ਹਿੱਸਾ ਲਿਆ। ਜੇਤੂ ਟੀਮਾਂ ਨੂੰ ਨਕਦ ਇਨਾਮ ਅਤੇ ਟਰਾਫੀਆਂ ਦੇ ਕੇ ਸਨਮਾਨਿਤ ਕੀਤਾ ਗਿਆ।
ਟਰੈਕਟਰ ਟਰਾਲੀ ਨੇ ਵਿਅਕਤੀ ਨੂੰ ਬੁਰੀ
ਤਰ੍ਹਾਂ ਦਰੜਿਆ, ਮੌਕੇ 'ਤੇ ਹੋਈ ਮੌਤ
ਲਾਲੜੂ, 7 ਦਸੰਬਰ (ਰਾਜਬੀਰ ਸਿੰਘ)-ਨੇੜਲੇ ਪਿੰਡ ਵਿਖੇ ਵਾਪਰੇ ਇਕ ਦਰਦਨਾਕ ਸੜਕ ਹਾਦਸੇ ਵਿਚ ਟਰੈਕਟਰ ਟਰਾਲੀ ਨੇ ਇਕ ਵਿਅਕਤੀ ਨੂੰ ਬੁਰੀ ਤਰ੍ਹਾਂ ਦਰੜ ਦਿੱਤਾ ਜਿਸ ਕਾਰਨ ਉਸ ਦੀ ਮੌਕੇ ਉੱਤੇ ਹੀ ਮੌਤ ਹੋ ਗਈ। ਪੁਲਿਸ ਨੇ ਮ੍ਰਿਤਕ ਦੇ ਪਰਿਵਾਰਕ ਮੈਂਬਰਾਂ ਦੇ ਬਿਆਨਾਂ ਦੇ ਆਧਾਰ ਉੱਤੇ ਟਰੈਕਟਰ ਚਾਲਕ ਵਿਰੁੱਧ ਮਾਮਲਾ ਦਰਜ ਕਰ ਕੇ ਅਗਲੀ ਕਾਰਵਾਈ ਸ਼ੁਰੂ ਕਰ ਦਿੱਤੀ ਹੈ।	ਮ੍ਰਿਤਕ ਦੀ ਫਾਈਲ ਫੋਟੋ।
ਲਾਲੜੂ, 7 ਦਸੰਬਰ (ਰਾਜਬੀਰ ਸਿੰਘ)-ਨੇੜਲੇ ਪਿੰਡ ਵਿਖੇ ਵਾਪਰੇ ਇਕ ਦਰਦਨਾਕ ਸੜਕ ਹਾਦਸੇ ਵਿਚ ਟਰੈਕਟਰ ਟਰਾਲੀ ਨੇ ਇਕ ਵਿਅਕਤੀ ਨੂੰ ਬੁਰੀ ਤਰ੍ਹਾਂ ਦਰੜ ਦਿੱਤਾ ਜਿਸ ਕਾਰਨ ਉਸ ਦੀ ਮੌਕੇ ਉੱਤੇ ਹੀ ਮੌਤ ਹੋ ਗਈ। ਪੁਲਿਸ ਨੇ ਮ੍ਰਿਤਕ ਦੇ ਪਰਿਵਾਰਕ ਮੈਂਬਰਾਂ ਦੇ ਬਿਆਨਾਂ ਦੇ ਆਧਾਰ ਉੱਤੇ ਟਰੈਕਟਰ ਚਾਲਕ ਵਿਰੁੱਧ ਮਾਮਲਾ ਦਰਜ ਕਰ ਕੇ ਅਗਲੀ ਕਾਰਵਾਈ ਸ਼ੁਰੂ ਕਰ ਦਿੱਤੀ ਹੈ।
ਲਾਲੜੂ, 7 ਦਸੰਬਰ (ਰਾਜਬੀਰ ਸਿੰਘ)-ਨੇੜਲੇ ਪਿੰਡ ਵਿਖੇ ਵਾਪਰੇ ਇਕ ਦਰਦਨਾਕ ਸੜਕ ਹਾਦਸੇ ਵਿਚ ਟਰੈਕਟਰ ਟਰਾਲੀ ਨੇ ਇਕ ਵਿਅਕਤੀ ਨੂੰ ਬੁਰੀ ਤਰ੍ਹਾਂ ਦਰੜ ਦਿੱਤਾ ਜਿਸ ਕਾਰਨ ਉਸ ਦੀ ਮੌਕੇ ਉੱਤੇ ਹੀ ਮੌਤ ਹੋ ਗਈ। ਪੁਲਿਸ ਨੇ ਮ੍ਰਿਤਕ ਦੇ ਪਰਿਵਾਰਕ ਮੈਂਬਰਾਂ ਦੇ ਬਿਆਨਾਂ ਦੇ ਆਧਾਰ ਉੱਤੇ ਟਰੈਕਟਰ ਚਾਲਕ ਵਿਰੁੱਧ ਮਾਮਲਾ ਦਰਜ ਕਰ ਕੇ ਅਗਲੀ ਕਾਰਵਾਈ ਸ਼ੁਰੂ ਕਰ ਦਿੱਤੀ ਹੈ।
ਸਮਾਜ ਭਲਾਈ ਸੁਸਾਇਟੀ ਵਲੋਂ ਪੰਜ ਜੋੜਿਆਂ ਦੇ ਕਰਵਾਏ ਸਮੂਹਿਕ ਅਨੰਦ ਕਾਰਜ
ਸਮੂਹਿਕ ਅਨੰਦ ਕਾਰਜ ਮੌਕੇ ਨਵ-ਵਿਆਹੇ ਜੋੜੇ ਅਤੇ ਸੁਸਾਇਟੀ ਦੇ ਮੈਂਬਰ।
ਐਸ.ਏ.ਐਸ. ਨਗਰ, 7 ਦਸੰਬਰ (ਤਰਵਿੰਦਰ ਸਿੰਘ ਬੈਨੀਪਾਲ)-ਸਮਾਜ ਭਲਾਈ ਸੁਸਾਇਟੀ ਵਲੋਂ ਲੋੜਵੰਦ ਪਰਿਵਾਰਾਂ ਦੀਆਂ ਪੰਜ ਲੜਕੀਆਂ ਦੇ ਸਮੂਹਿਕ ਅਨੰਦ ਕਾਰਜ ਕਰਵਾਏ ਗਏ। ਇਸ ਮੌਕੇ ਨਵ-ਵਿਆਹੇ ਜੋੜਿਆਂ ਨੂੰ ਘਰੇਲੂ ਵਰਤੋਂ ਦਾ ਸਾਮਾਨ ਭੇਟ ਕੀਤਾ ਗਿਆ ਅਤੇ ਆਏ ਮਹਿਮਾਨਾਂ ਨੇ ਜੋੜਿਆਂ ਨੂੰ ਅਸ਼ੀਰਵਾਦ ਦਿੱਤਾ।
ਐਸ.ਏ.ਐਸ. ਨਗਰ, 7 ਦਸੰਬਰ (ਤਰਵਿੰਦਰ ਸਿੰਘ ਬੈਨੀਪਾਲ)-ਸਮਾਜ ਭਲਾਈ ਸੁਸਾਇਟੀ ਵਲੋਂ ਲੋੜਵੰਦ ਪਰਿਵਾਰਾਂ ਦੀਆਂ ਪੰਜ ਲੜਕੀਆਂ ਦੇ ਸਮੂਹਿਕ ਅਨੰਦ ਕਾਰਜ ਕਰਵਾਏ ਗਏ। ਇਸ ਮੌਕੇ ਨਵ-ਵਿਆਹੇ ਜੋੜਿਆਂ ਨੂੰ ਘਰੇਲੂ ਵਰਤੋਂ ਦਾ ਸਾਮਾਨ ਭੇਟ ਕੀਤਾ ਗਿਆ ਅਤੇ ਆਏ ਮਹਿਮਾਨਾਂ ਨੇ ਜੋੜਿਆਂ ਨੂੰ ਅਸ਼ੀਰਵਾਦ ਦਿੱਤਾ।
ਐਸ.ਏ.ਐਸ. ਨਗਰ, 7 ਦਸੰਬਰ (ਤਰਵਿੰਦਰ ਸਿੰਘ ਬੈਨੀਪਾਲ)-ਸਮਾਜ ਭਲਾਈ ਸੁਸਾਇਟੀ ਵਲੋਂ ਲੋੜਵੰਦ ਪਰਿਵਾਰਾਂ ਦੀਆਂ ਪੰਜ ਲੜਕੀਆਂ ਦੇ ਸਮੂਹਿਕ ਅਨੰਦ ਕਾਰਜ ਕਰਵਾਏ ਗਏ। ਇਸ ਮੌਕੇ ਨਵ-ਵਿਆਹੇ ਜੋੜਿਆਂ ਨੂੰ ਘਰੇਲੂ ਵਰਤੋਂ ਦਾ ਸਾਮਾਨ ਭੇਟ ਕੀਤਾ ਗਿਆ ਅਤੇ ਆਏ ਮਹਿਮਾਨਾਂ ਨੇ ਜੋੜਿਆਂ ਨੂੰ ਅਸ਼ੀਰਵਾਦ ਦਿੱਤਾ।
Cyan Magenta Yellow Black
